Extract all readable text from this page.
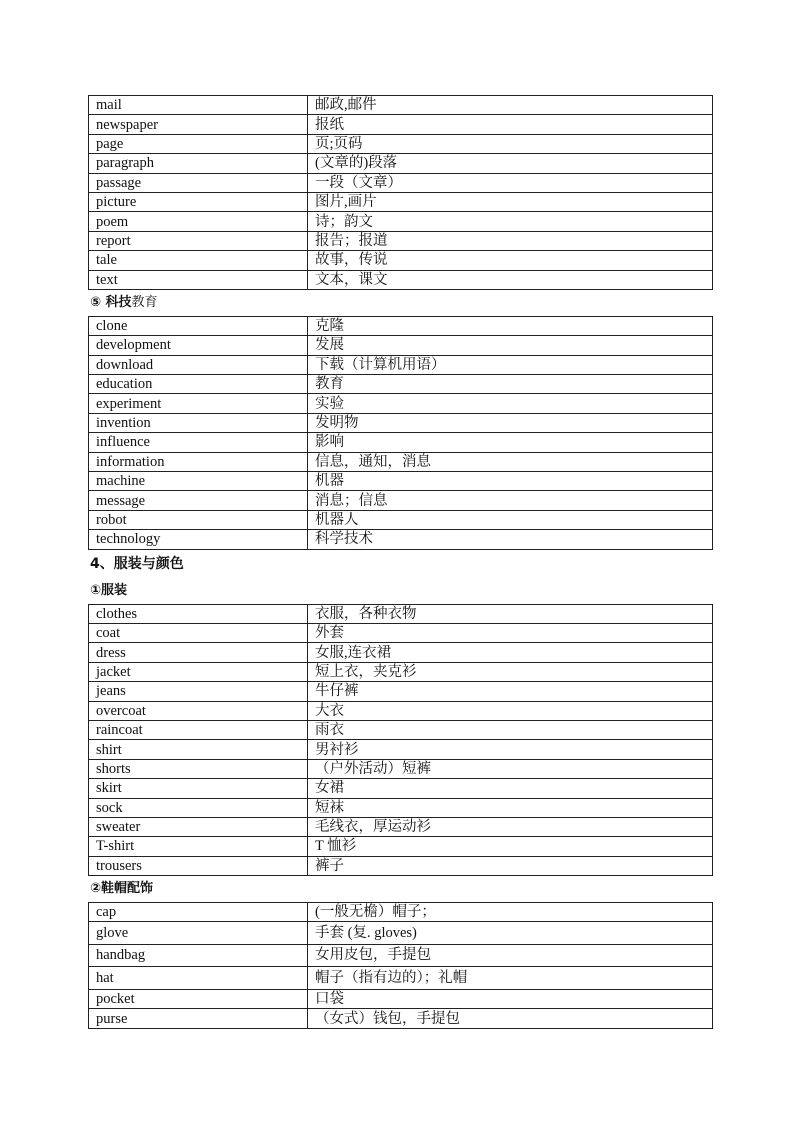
mail	邮政,邮件
newspaper	报纸
page	页;页码
paragraph	(文章的)段落
passage	一段（文章）
picture	图片,画片
poem	诗；韵文
report	报告；报道
tale	故事，传说
text	文本，课文
⑤ 科技教育
clone	克隆
development	发展
download	下载（计算机用语）
education	教育
experiment	实验
invention	发明物
influence	影响
information	信息，通知，消息
machine	机器
message	消息；信息
robot	机器人
technology	科学技术
4、服装与颜色
①服装
clothes	衣服，各种衣物
coat	外套
dress	女服,连衣裙
jacket	短上衣，夹克衫
jeans	牛仔裤
overcoat	大衣
raincoat	雨衣
shirt	男衬衫
shorts	（户外活动）短裤
skirt	女裙
sock	短袜
sweater	毛线衣，厚运动衫
T-shirt	T 恤衫
trousers	裤子
②鞋帽配饰
cap	(一般无檐）帽子；
glove	手套 (复. gloves)
handbag	女用皮包，手提包
hat	帽子（指有边的）；礼帽
pocket	口袋
purse	（女式）钱包，手提包
